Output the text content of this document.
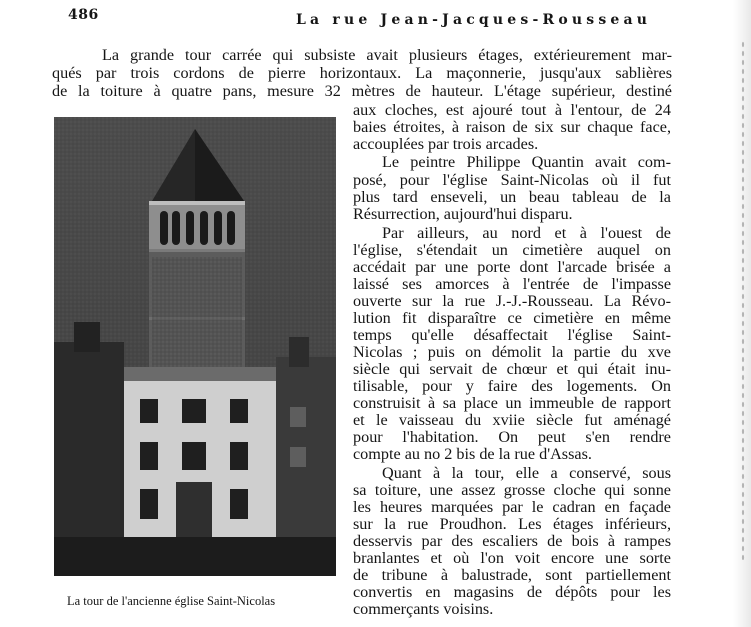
486	La rue Jean-Jacques-Rousseau

La grande tour carrée qui subsiste avait plusieurs étages, extérieurement mar-

qués par trois cordons de pierre horizontaux. La maçonnerie, jusqu'aux sablières

de la toiture à quatre pans, mesure 32 mètres de hauteur. L'étage supérieur, destiné

aux cloches, est ajouré tout à l'entour, de 24

baies étroites, à raison de six sur chaque face,

accouplées par trois arcades.

Le peintre Philippe Quantin avait com-

posé, pour l'église Saint-Nicolas où il fut

plus tard enseveli, un beau tableau de la

Résurrection, aujourd'hui disparu.

Par ailleurs, au nord et à l'ouest de

l'église, s'étendait un cimetière auquel on

accédait par une porte dont l'arcade brisée a

laissé ses amorces à l'entrée de l'impasse

ouverte sur la rue J.-J.-Rousseau. La Révo-

lution fit disparaître ce cimetière en même

temps qu'elle désaffectait l'église Saint-

Nicolas ; puis on démolit la partie du xve

siècle qui servait de chœur et qui était inu-

tilisable, pour y faire des logements. On

construisit à sa place un immeuble de rapport

et le vaisseau du xviie siècle fut aménagé

pour l'habitation. On peut s'en rendre

compte au no 2 bis de la rue d'Assas.

Quant à la tour, elle a conservé, sous

sa toiture, une assez grosse cloche qui sonne

les heures marquées par le cadran en façade

sur la rue Proudhon. Les étages inférieurs,

desservis par des escaliers de bois à rampes

branlantes et où l'on voit encore une sorte

de tribune à balustrade, sont partiellement

convertis en magasins de dépôts pour les

commerçants voisins.

La tour de l'ancienne église Saint-Nicolas
